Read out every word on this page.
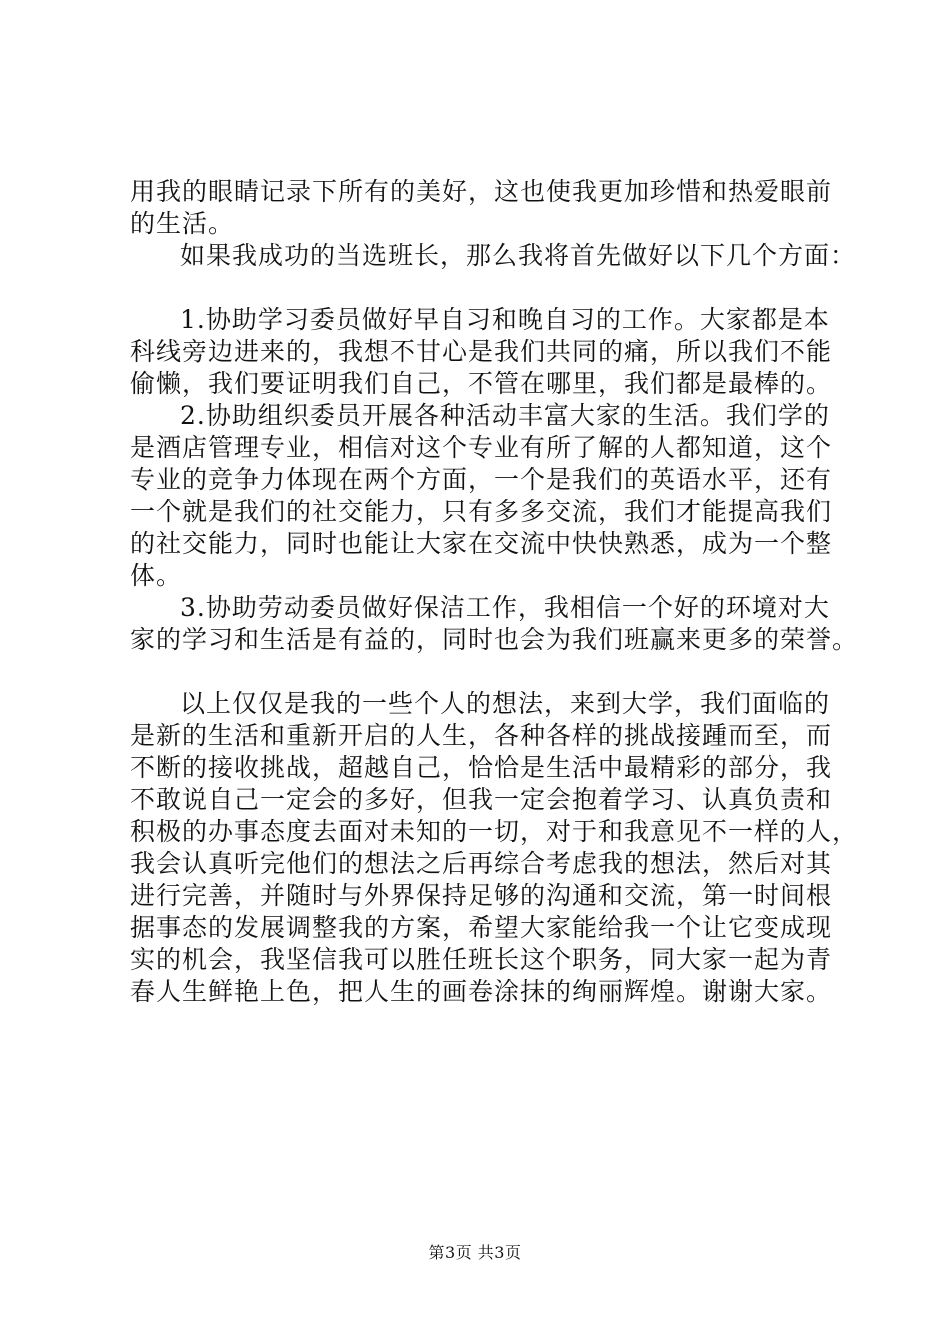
用我的眼睛记录下所有的美好，这也使我更加珍惜和热爱眼前
的生活。
如果我成功的当选班长，那么我将首先做好以下几个方面：
1.协助学习委员做好早自习和晚自习的工作。大家都是本
科线旁边进来的，我想不甘心是我们共同的痛，所以我们不能
偷懒，我们要证明我们自己，不管在哪里，我们都是最棒的。
2.协助组织委员开展各种活动丰富大家的生活。我们学的
是酒店管理专业，相信对这个专业有所了解的人都知道，这个
专业的竞争力体现在两个方面，一个是我们的英语水平，还有
一个就是我们的社交能力，只有多多交流，我们才能提高我们
的社交能力，同时也能让大家在交流中快快熟悉，成为一个整
体。
3.协助劳动委员做好保洁工作，我相信一个好的环境对大
家的学习和生活是有益的，同时也会为我们班赢来更多的荣誉。
以上仅仅是我的一些个人的想法，来到大学，我们面临的
是新的生活和重新开启的人生，各种各样的挑战接踵而至，而
不断的接收挑战，超越自己，恰恰是生活中最精彩的部分，我
不敢说自己一定会的多好，但我一定会抱着学习、认真负责和
积极的办事态度去面对未知的一切，对于和我意见不一样的人，
我会认真听完他们的想法之后再综合考虑我的想法，然后对其
进行完善，并随时与外界保持足够的沟通和交流，第一时间根
据事态的发展调整我的方案，希望大家能给我一个让它变成现
实的机会，我坚信我可以胜任班长这个职务，同大家一起为青
春人生鲜艳上色，把人生的画卷涂抹的绚丽辉煌。谢谢大家。
第3页 共3页
